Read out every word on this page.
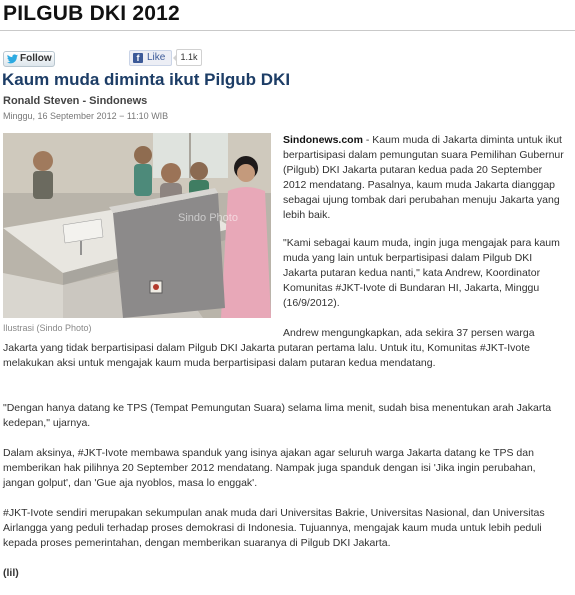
PILGUB DKI 2012
Follow	f Like	1.1k
Kaum muda diminta ikut Pilgub DKI
Ronald Steven - Sindonews
Minggu, 16 September 2012 − 11:10 WIB
Sindo Photo
Ilustrasi (Sindo Photo)

Sindonews.com - Kaum muda di Jakarta diminta untuk ikut berpartisipasi dalam pemungutan suara Pemilihan Gubernur (Pilgub) DKI Jakarta putaran kedua pada 20 September 2012 mendatang. Pasalnya, kaum muda Jakarta dianggap sebagai ujung tombak dari perubahan menuju Jakarta yang lebih baik.

"Kami sebagai kaum muda, ingin juga mengajak para kaum muda yang lain untuk berpartisipasi dalam Pilgub DKI Jakarta putaran kedua nanti," kata Andrew, Koordinator Komunitas #JKT-Ivote di Bundaran HI, Jakarta, Minggu (16/9/2012).

Andrew mengungkapkan, ada sekira 37 persen warga
Jakarta yang tidak berpartisipasi dalam Pilgub DKI Jakarta putaran pertama lalu. Untuk itu, Komunitas #JKT-Ivote melakukan aksi untuk mengajak kaum muda berpartisipasi dalam putaran kedua mendatang.

"Dengan hanya datang ke TPS (Tempat Pemungutan Suara) selama lima menit, sudah bisa menentukan arah Jakarta kedepan," ujarnya.

Dalam aksinya, #JKT-Ivote membawa spanduk yang isinya ajakan agar seluruh warga Jakarta datang ke TPS dan memberikan hak pilihnya 20 September 2012 mendatang. Nampak juga spanduk dengan isi 'Jika ingin perubahan, jangan golput', dan 'Gue aja nyoblos, masa lo enggak'.

#JKT-Ivote sendiri merupakan sekumpulan anak muda dari Universitas Bakrie, Universitas Nasional, dan Universitas Airlangga yang peduli terhadap proses demokrasi di Indonesia. Tujuannya, mengajak kaum muda untuk lebih peduli kepada proses pemerintahan, dengan memberikan suaranya di Pilgub DKI Jakarta.

(lil)
